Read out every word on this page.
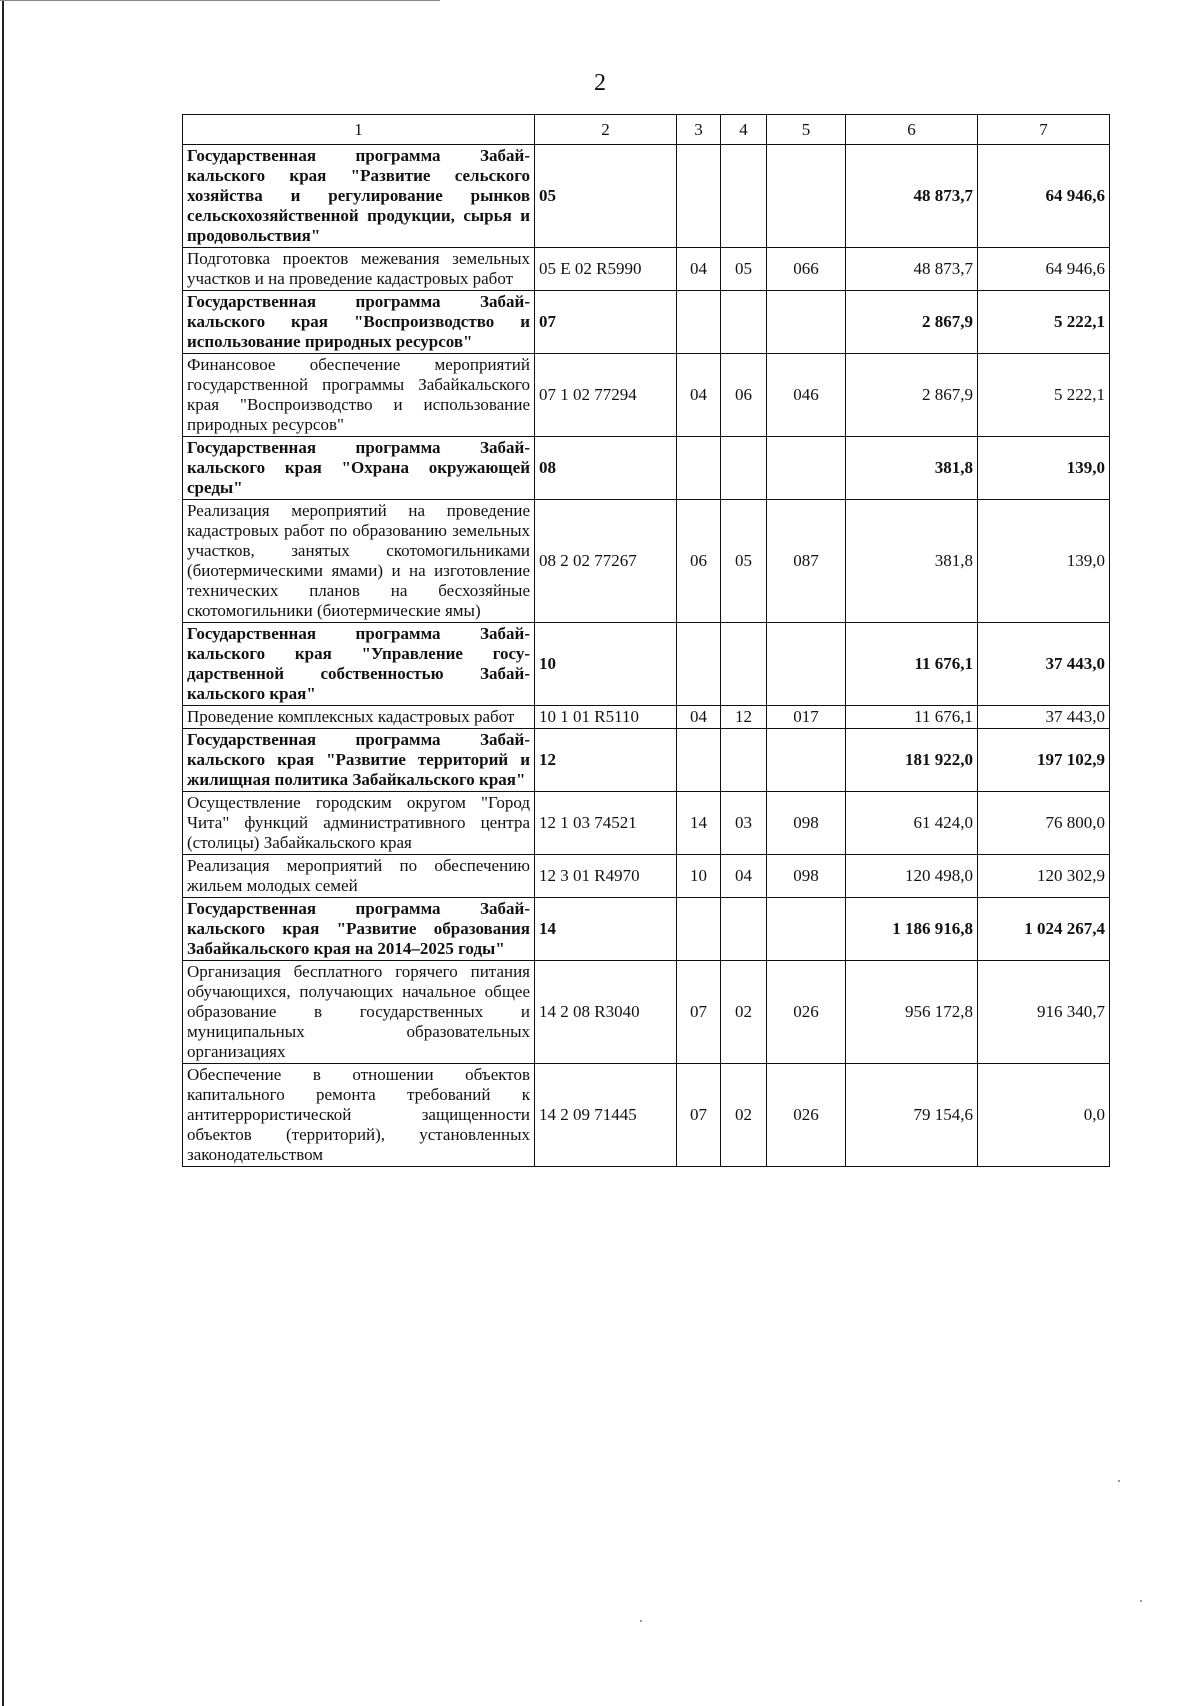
2
1	2	3	4	5	6	7
Государственная программа Забайкальского края "Развитие сельского хозяйства и регулирование рынков сельскохозяйственной продукции, сырья и продовольствия"	05				48 873,7	64 946,6
Подготовка проектов межевания земельных участков и на проведение кадастровых работ	05 Е 02 R5990	04	05	066	48 873,7	64 946,6
Государственная программа Забайкальского края "Воспроизводство и использование природных ресурсов"	07				2 867,9	5 222,1
Финансовое обеспечение мероприятий государственной программы Забайкальского края "Воспроизводство и использование природных ресурсов"	07 1 02 77294	04	06	046	2 867,9	5 222,1
Государственная программа Забайкальского края "Охрана окружающей среды"	08				381,8	139,0
Реализация мероприятий на проведение кадастровых работ по образованию земельных участков, занятых скотомогильниками (биотермическими ямами) и на изготовление технических планов на бесхозяйные скотомогильники (биотермические ямы)	08 2 02 77267	06	05	087	381,8	139,0
Государственная программа Забайкальского края "Управление государственной собственностью Забайкальского края"	10				11 676,1	37 443,0
Проведение комплексных кадастровых работ	10 1 01 R5110	04	12	017	11 676,1	37 443,0
Государственная программа Забайкальского края "Развитие территорий и жилищная политика Забайкальского края"	12				181 922,0	197 102,9
Осуществление городским округом "Город Чита" функций административного центра (столицы) Забайкальского края	12 1 03 74521	14	03	098	61 424,0	76 800,0
Реализация мероприятий по обеспечению жильем молодых семей	12 3 01 R4970	10	04	098	120 498,0	120 302,9
Государственная программа Забайкальского края "Развитие образования Забайкальского края на 2014–2025 годы"	14				1 186 916,8	1 024 267,4
Организация бесплатного горячего питания обучающихся, получающих начальное общее образование в государственных и муниципальных образовательных организациях	14 2 08 R3040	07	02	026	956 172,8	916 340,7
Обеспечение в отношении объектов капитального ремонта требований к антитеррористической защищенности объектов (территорий), установленных законодательством	14 2 09 71445	07	02	026	79 154,6	0,0
